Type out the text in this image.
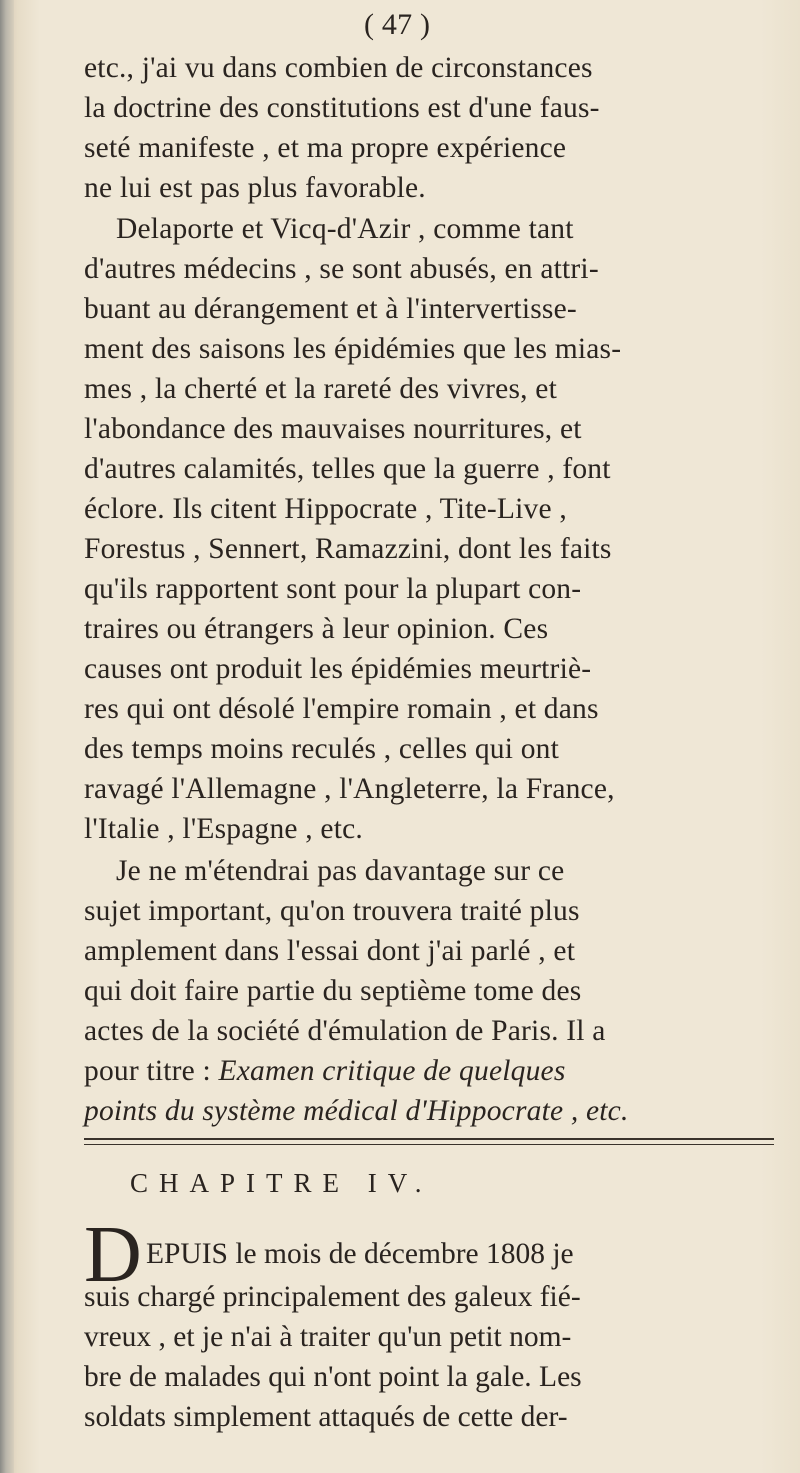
( 47 )
etc., j'ai vu dans combien de circonstances
la doctrine des constitutions est d'une faus-
seté manifeste , et ma propre expérience
ne lui est pas plus favorable.
Delaporte et Vicq-d'Azir , comme tant
d'autres médecins , se sont abusés, en attri-
buant au dérangement et à l'intervertisse-
ment des saisons les épidémies que les mias-
mes , la cherté et la rareté des vivres, et
l'abondance des mauvaises nourritures, et
d'autres calamités, telles que la guerre , font
éclore. Ils citent Hippocrate , Tite-Live ,
Forestus , Sennert, Ramazzini, dont les faits
qu'ils rapportent sont pour la plupart con-
traires ou étrangers à leur opinion. Ces
causes ont produit les épidémies meurtriè-
res qui ont désolé l'empire romain , et dans
des temps moins reculés , celles qui ont
ravagé l'Allemagne , l'Angleterre, la France,
l'Italie , l'Espagne , etc.
Je ne m'étendrai pas davantage sur ce
sujet important, qu'on trouvera traité plus
amplement dans l'essai dont j'ai parlé , et
qui doit faire partie du septième tome des
actes de la société d'émulation de Paris. Il a
pour titre : Examen critique de quelques
points du système médical d'Hippocrate , etc.
CHAPITRE IV.
D EPUIS le mois de décembre 1808 je
suis chargé principalement des galeux fié-
vreux , et je n'ai à traiter qu'un petit nom-
bre de malades qui n'ont point la gale. Les
soldats simplement attaqués de cette der-
